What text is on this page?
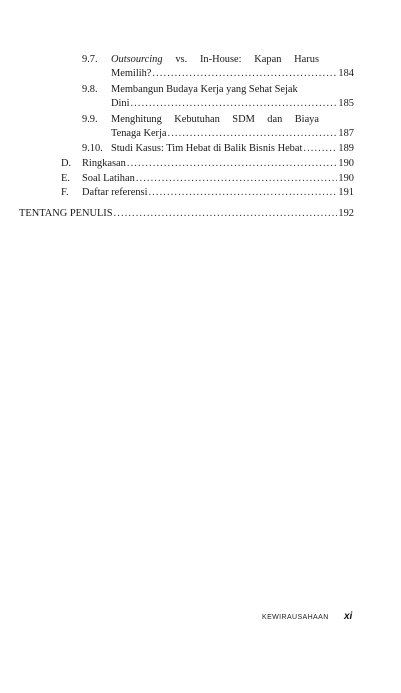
9.7. Outsourcing vs. In-House: Kapan Harus
Memilih? .....	184
9.8. Membangun Budaya Kerja yang Sehat Sejak
Dini .....	185
9.9. Menghitung Kebutuhan SDM dan Biaya
Tenaga Kerja .....	187
9.10. Studi Kasus: Tim Hebat di Balik Bisnis Hebat .....	189
D. Ringkasan .....	190
E. Soal Latihan .....	190
F. Daftar referensi .....	191
TENTANG PENULIS .....	192
KEWIRAUSAHAAN xi
